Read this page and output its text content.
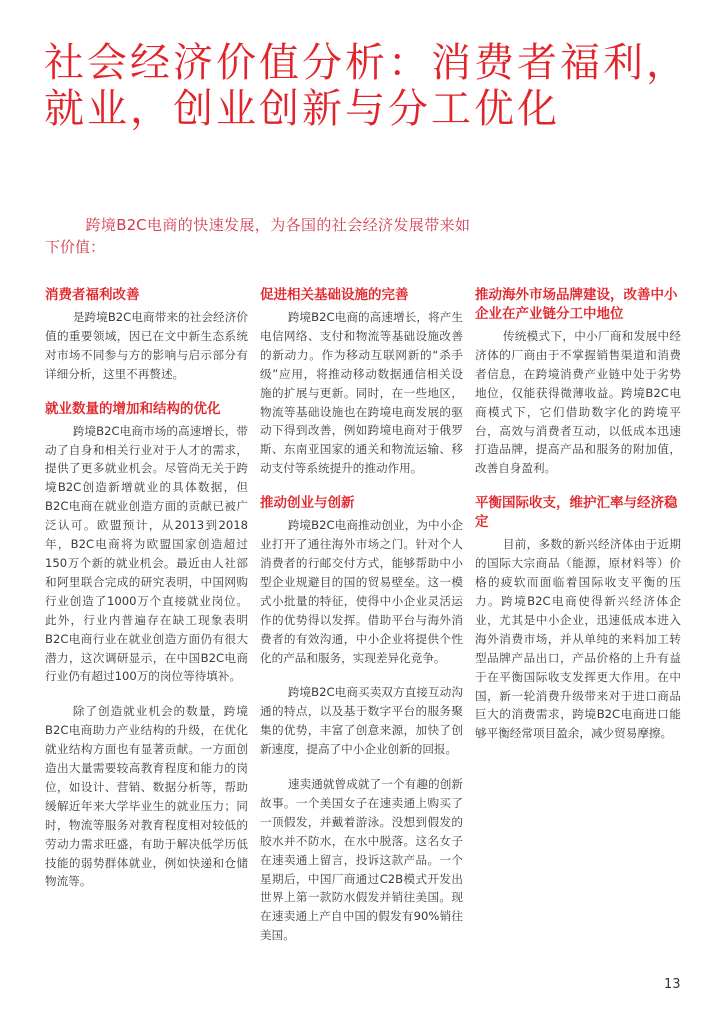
社会经济价值分析：消费者福利，就业，创业创新与分工优化

跨境B2C电商的快速发展，为各国的社会经济发展带来如下价值：

消费者福利改善

是跨境B2C电商带来的社会经济价值的重要领域，因已在文中新生态系统对市场不同参与方的影响与启示部分有详细分析，这里不再赘述。

就业数量的增加和结构的优化

跨境B2C电商市场的高速增长，带动了自身和相关行业对于人才的需求，提供了更多就业机会。尽管尚无关于跨境B2C创造新增就业的具体数据，但B2C电商在就业创造方面的贡献已被广泛认可。欧盟预计，从2013到2018年，B2C电商将为欧盟国家创造超过150万个新的就业机会。最近由人社部和阿里联合完成的研究表明，中国网购行业创造了1000万个直接就业岗位。此外，行业内普遍存在缺工现象表明B2C电商行业在就业创造方面仍有很大潜力，这次调研显示，在中国B2C电商行业仍有超过100万的岗位等待填补。

除了创造就业机会的数量，跨境B2C电商助力产业结构的升级，在优化就业结构方面也有显著贡献。一方面创造出大量需要较高教育程度和能力的岗位，如设计、营销、数据分析等，帮助缓解近年来大学毕业生的就业压力；同时，物流等服务对教育程度相对较低的劳动力需求旺盛，有助于解决低学历低技能的弱势群体就业，例如快递和仓储物流等。

促进相关基础设施的完善

跨境B2C电商的高速增长，将产生电信网络、支付和物流等基础设施改善的新动力。作为移动互联网新的“杀手级”应用，将推动移动数据通信相关设施的扩展与更新。同时，在一些地区，物流等基础设施也在跨境电商发展的驱动下得到改善，例如跨境电商对于俄罗斯、东南亚国家的通关和物流运输、移动支付等系统提升的推动作用。

推动创业与创新

跨境B2C电商推动创业，为中小企业打开了通往海外市场之门。针对个人消费者的行邮交付方式，能够帮助中小型企业规避目的国的贸易壁垒。这一模式小批量的特征，使得中小企业灵活运作的优势得以发挥。借助平台与海外消费者的有效沟通，中小企业将提供个性化的产品和服务，实现差异化竞争。

跨境B2C电商买卖双方直接互动沟通的特点，以及基于数字平台的服务聚集的优势，丰富了创意来源，加快了创新速度，提高了中小企业创新的回报。

速卖通就曾成就了一个有趣的创新故事。一个美国女子在速卖通上购买了一顶假发，并戴着游泳。没想到假发的胶水并不防水，在水中脱落。这名女子在速卖通上留言，投诉这款产品。一个星期后，中国厂商通过C2B模式开发出世界上第一款防水假发并销往美国。现在速卖通上产自中国的假发有90%销往美国。

推动海外市场品牌建设，改善中小企业在产业链分工中地位

传统模式下，中小厂商和发展中经济体的厂商由于不掌握销售渠道和消费者信息，在跨境消费产业链中处于劣势地位，仅能获得微薄收益。跨境B2C电商模式下，它们借助数字化的跨境平台，高效与消费者互动，以低成本迅速打造品牌，提高产品和服务的附加值，改善自身盈利。

平衡国际收支，维护汇率与经济稳定

目前，多数的新兴经济体由于近期的国际大宗商品（能源，原材料等）价格的疲软而面临着国际收支平衡的压力。跨境B2C电商使得新兴经济体企业，尤其是中小企业，迅速低成本进入海外消费市场，并从单纯的来料加工转型品牌产品出口，产品价格的上升有益于在平衡国际收支发挥更大作用。在中国，新一轮消费升级带来对于进口商品巨大的消费需求，跨境B2C电商进口能够平衡经常项目盈余，减少贸易摩擦。

13
